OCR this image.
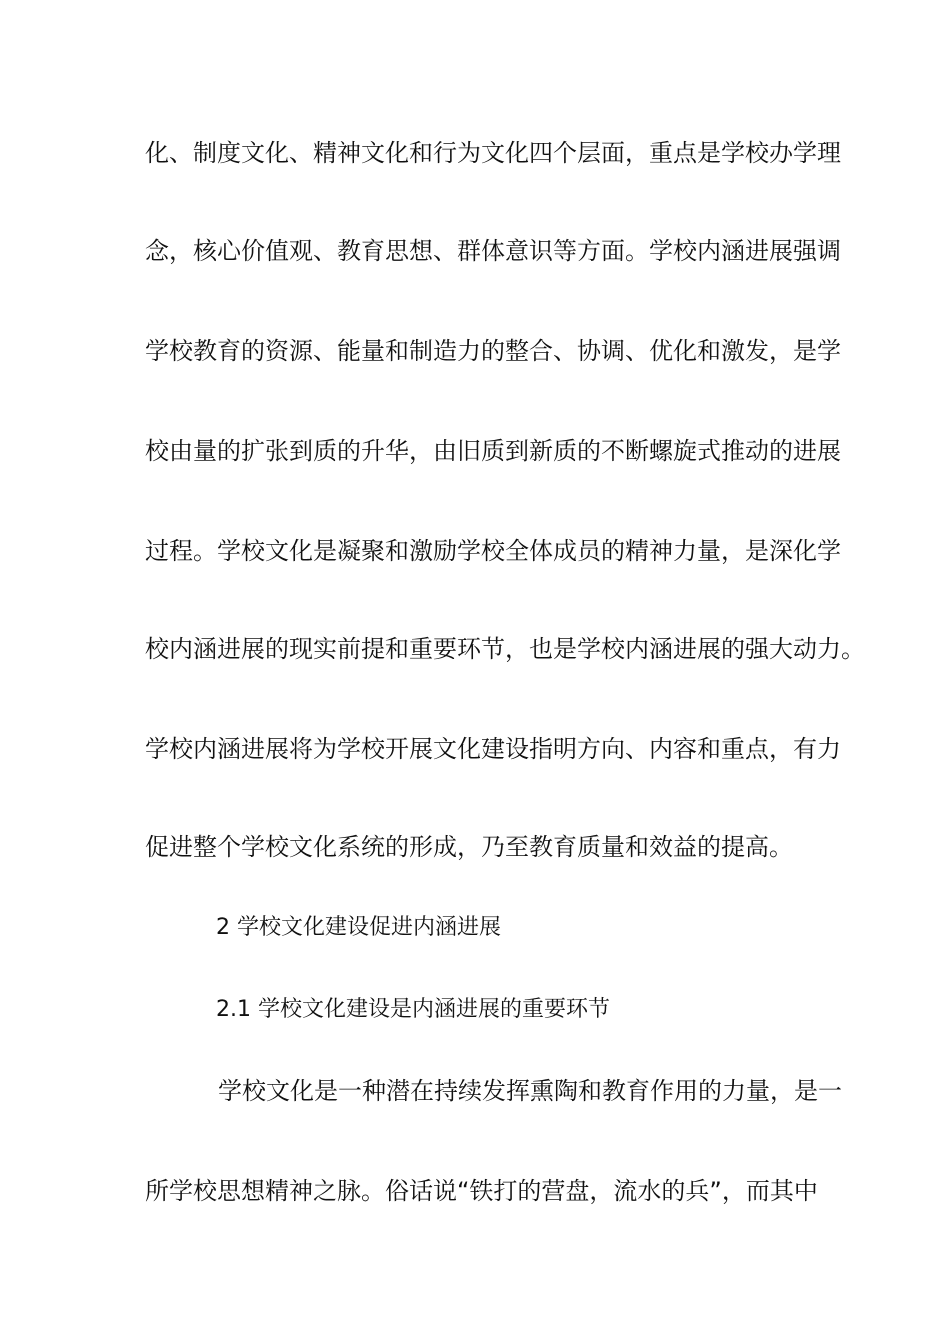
化、制度文化、精神文化和行为文化四个层面，重点是学校办学理
念，核心价值观、教育思想、群体意识等方面。学校内涵进展强调
学校教育的资源、能量和制造力的整合、协调、优化和激发，是学
校由量的扩张到质的升华，由旧质到新质的不断螺旋式推动的进展
过程。学校文化是凝聚和激励学校全体成员的精神力量，是深化学
校内涵进展的现实前提和重要环节，也是学校内涵进展的强大动力。
学校内涵进展将为学校开展文化建设指明方向、内容和重点，有力
促进整个学校文化系统的形成，乃至教育质量和效益的提高。
2 学校文化建设促进内涵进展
2.1 学校文化建设是内涵进展的重要环节
学校文化是一种潜在持续发挥熏陶和教育作用的力量，是一
所学校思想精神之脉。俗话说“铁打的营盘，流水的兵”，而其中
